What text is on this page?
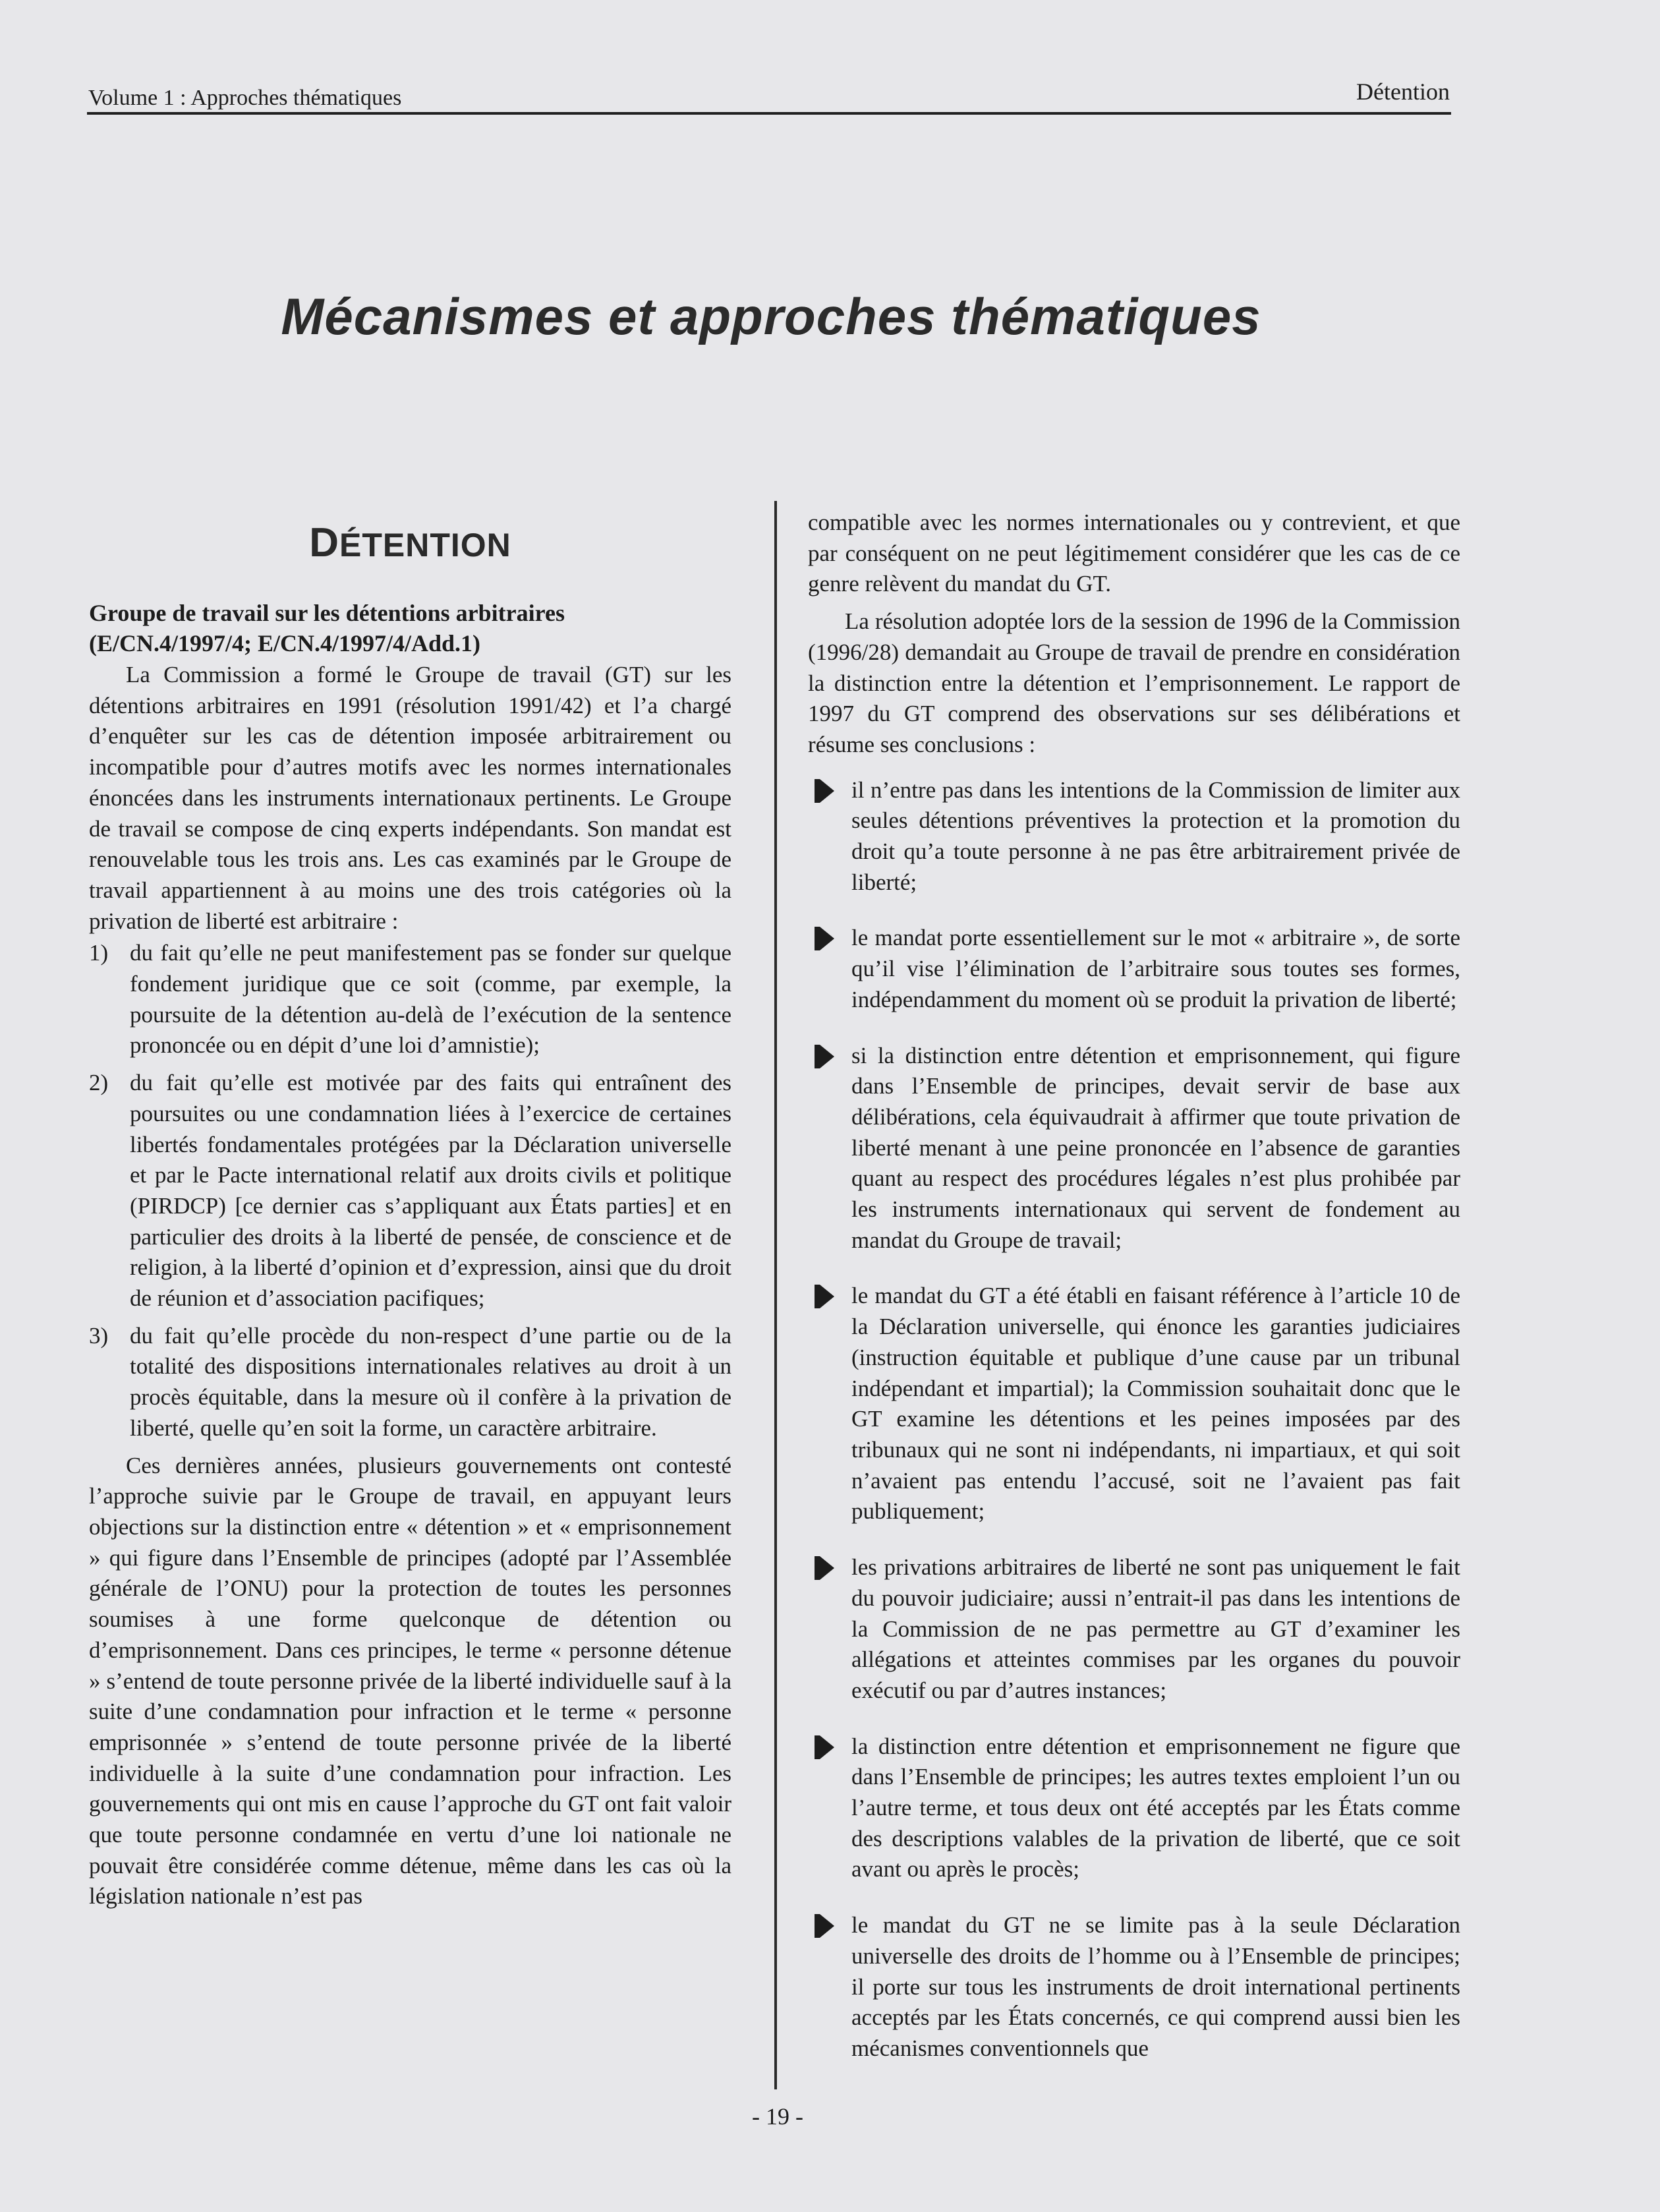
Volume 1 : Approches thématiques	Détention
Mécanismes et approches thématiques
DÉTENTION
Groupe de travail sur les détentions arbitraires
(E/CN.4/1997/4; E/CN.4/1997/4/Add.1)

La Commission a formé le Groupe de travail (GT) sur les détentions arbitraires en 1991 (résolution 1991/42) et l’a chargé d’enquêter sur les cas de détention imposée arbitrairement ou incompatible pour d’autres motifs avec les normes internationales énoncées dans les instruments internationaux pertinents. Le Groupe de travail se compose de cinq experts indépendants. Son mandat est renouvelable tous les trois ans. Les cas examinés par le Groupe de travail appartiennent à au moins une des trois catégories où la privation de liberté est arbitraire :

1) du fait qu’elle ne peut manifestement pas se fonder sur quelque fondement juridique que ce soit (comme, par exemple, la poursuite de la détention au-delà de l’exécution de la sentence prononcée ou en dépit d’une loi d’amnistie);

2) du fait qu’elle est motivée par des faits qui entraînent des poursuites ou une condamnation liées à l’exercice de certaines libertés fondamentales protégées par la Déclaration universelle et par le Pacte international relatif aux droits civils et politique (PIRDCP) [ce dernier cas s’appliquant aux États parties] et en particulier des droits à la liberté de pensée, de conscience et de religion, à la liberté d’opinion et d’expression, ainsi que du droit de réunion et d’association pacifiques;

3) du fait qu’elle procède du non-respect d’une partie ou de la totalité des dispositions internationales relatives au droit à un procès équitable, dans la mesure où il confère à la privation de liberté, quelle qu’en soit la forme, un caractère arbitraire.

Ces dernières années, plusieurs gouvernements ont contesté l’approche suivie par le Groupe de travail, en appuyant leurs objections sur la distinction entre « détention » et « emprisonnement » qui figure dans l’Ensemble de principes (adopté par l’Assemblée générale de l’ONU) pour la protection de toutes les personnes soumises à une forme quelconque de détention ou d’emprisonnement. Dans ces principes, le terme « personne détenue » s’entend de toute personne privée de la liberté individuelle sauf à la suite d’une condamnation pour infraction et le terme « personne emprisonnée » s’entend de toute personne privée de la liberté individuelle à la suite d’une condamnation pour infraction. Les gouvernements qui ont mis en cause l’approche du GT ont fait valoir que toute personne condamnée en vertu d’une loi nationale ne pouvait être considérée comme détenue, même dans les cas où la législation nationale n’est pas

compatible avec les normes internationales ou y contrevient, et que par conséquent on ne peut légitimement considérer que les cas de ce genre relèvent du mandat du GT.

La résolution adoptée lors de la session de 1996 de la Commission (1996/28) demandait au Groupe de travail de prendre en considération la distinction entre la détention et l’emprisonnement. Le rapport de 1997 du GT comprend des observations sur ses délibérations et résume ses conclusions :

il n’entre pas dans les intentions de la Commission de limiter aux seules détentions préventives la protection et la promotion du droit qu’a toute personne à ne pas être arbitrairement privée de liberté;

le mandat porte essentiellement sur le mot « arbitraire », de sorte qu’il vise l’élimination de l’arbitraire sous toutes ses formes, indépendamment du moment où se produit la privation de liberté;

si la distinction entre détention et emprisonnement, qui figure dans l’Ensemble de principes, devait servir de base aux délibérations, cela équivaudrait à affirmer que toute privation de liberté menant à une peine prononcée en l’absence de garanties quant au respect des procédures légales n’est plus prohibée par les instruments internationaux qui servent de fondement au mandat du Groupe de travail;

le mandat du GT a été établi en faisant référence à l’article 10 de la Déclaration universelle, qui énonce les garanties judiciaires (instruction équitable et publique d’une cause par un tribunal indépendant et impartial); la Commission souhaitait donc que le GT examine les détentions et les peines imposées par des tribunaux qui ne sont ni indépendants, ni impartiaux, et qui soit n’avaient pas entendu l’accusé, soit ne l’avaient pas fait publiquement;

les privations arbitraires de liberté ne sont pas uniquement le fait du pouvoir judiciaire; aussi n’entrait-il pas dans les intentions de la Commission de ne pas permettre au GT d’examiner les allégations et atteintes commises par les organes du pouvoir exécutif ou par d’autres instances;

la distinction entre détention et emprisonnement ne figure que dans l’Ensemble de principes; les autres textes emploient l’un ou l’autre terme, et tous deux ont été acceptés par les États comme des descriptions valables de la privation de liberté, que ce soit avant ou après le procès;

le mandat du GT ne se limite pas à la seule Déclaration universelle des droits de l’homme ou à l’Ensemble de principes; il porte sur tous les instruments de droit international pertinents acceptés par les États concernés, ce qui comprend aussi bien les mécanismes conventionnels que

- 19 -
